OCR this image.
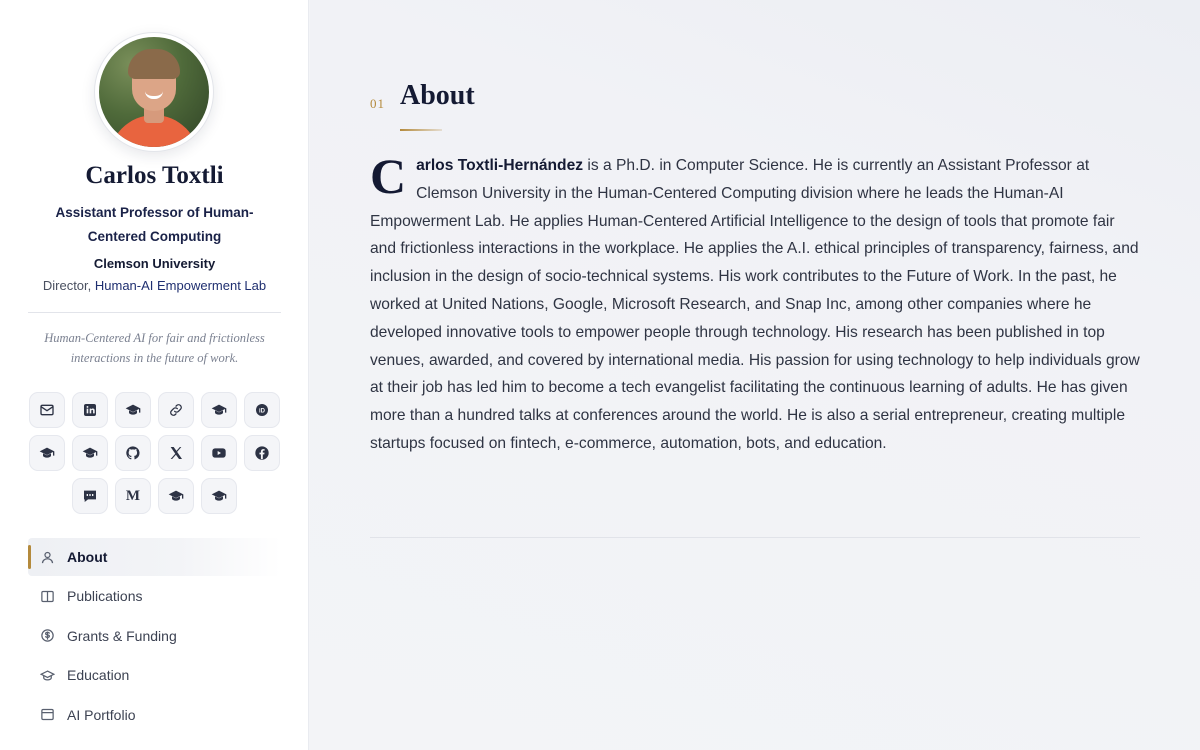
Carlos Toxtli
Assistant Professor of Human-Centered Computing
Clemson University
Director, Human-AI Empowerment Lab
Human-Centered AI for fair and frictionless interactions in the future of work.
iD
M
About
Publications
Grants & Funding
Education
AI Portfolio
01 About

Carlos Toxtli-Hernández is a Ph.D. in Computer Science. He is currently an Assistant Professor at Clemson University in the Human-Centered Computing division where he leads the Human-AI Empowerment Lab. He applies Human-Centered Artificial Intelligence to the design of tools that promote fair and frictionless interactions in the workplace. He applies the A.I. ethical principles of transparency, fairness, and inclusion in the design of socio-technical systems. His work contributes to the Future of Work. In the past, he worked at United Nations, Google, Microsoft Research, and Snap Inc, among other companies where he developed innovative tools to empower people through technology. His research has been published in top venues, awarded, and covered by international media. His passion for using technology to help individuals grow at their job has led him to become a tech evangelist facilitating the continuous learning of adults. He has given more than a hundred talks at conferences around the world. He is also a serial entrepreneur, creating multiple startups focused on fintech, e-commerce, automation, bots, and education.
